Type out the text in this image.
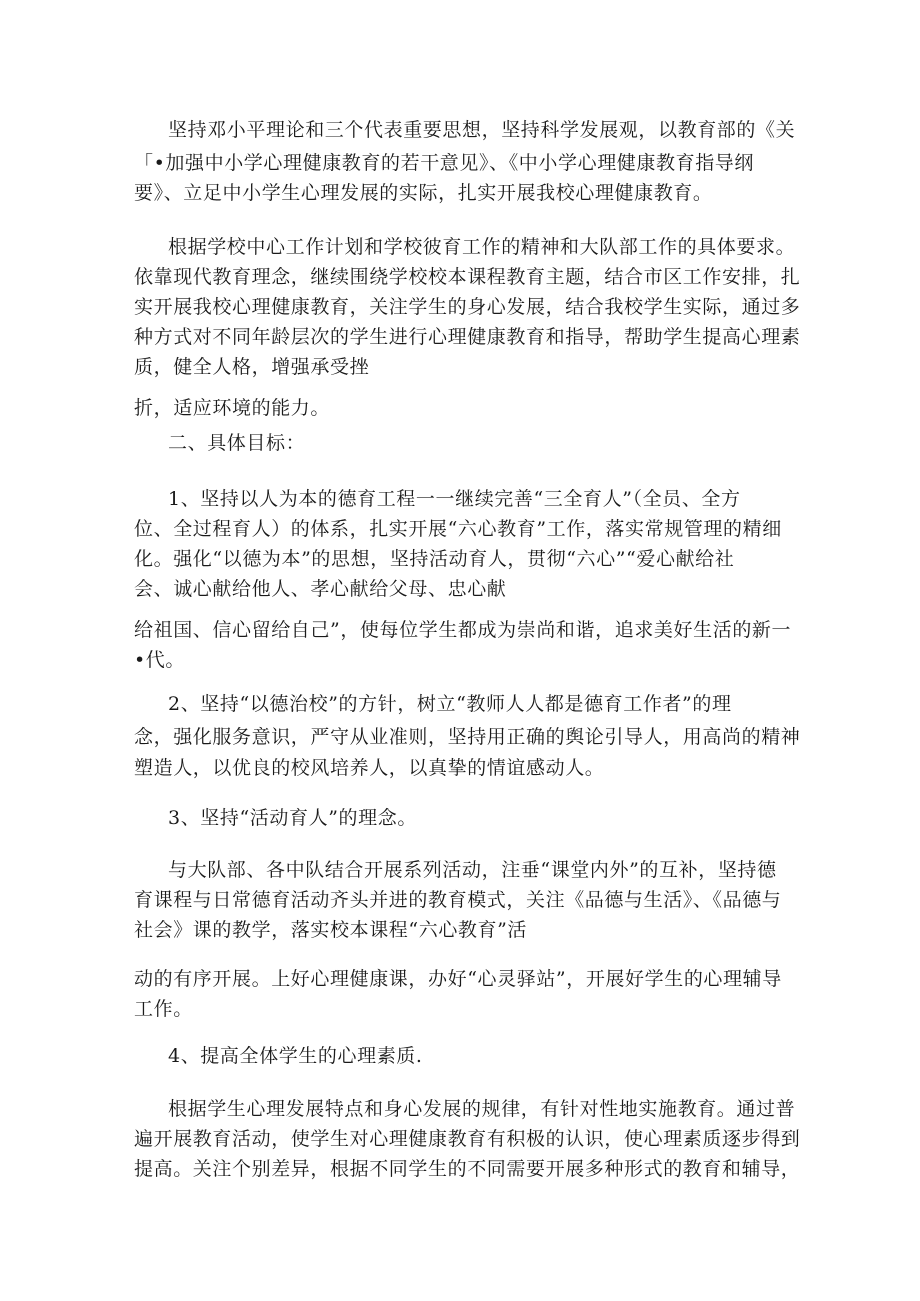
坚持邓小平理论和三个代表重要思想，坚持科学发展观，以教育部的《关
「•加强中小学心理健康教育的若干意见》、《中小学心理健康教育指导纲
要》、立足中小学生心理发展的实际，扎实开展我校心理健康教育。
根据学校中心工作计划和学校彼育工作的精神和大队部工作的具体要求。
依靠现代教育理念，继续围绕学校校本课程教育主题，结合市区工作安排，扎
实开展我校心理健康教育，关注学生的身心发展，结合我校学生实际，通过多
种方式对不同年龄层次的学生进行心理健康教育和指导，帮助学生提高心理素
质，健全人格，增强承受挫
折，适应环境的能力。
二、具体目标：
1、坚持以人为本的德育工程一一继续完善“三全育人”（全员、全方
位、全过程育人）的体系，扎实开展“六心教育”工作，落实常规管理的精细
化。强化“以德为本”的思想，坚持活动育人，贯彻“六心”“爱心献给社
会、诚心献给他人、孝心献给父母、忠心献
给祖国、信心留给自己”，使每位学生都成为崇尚和谐，追求美好生活的新一
•代。
2、坚持“以德治校”的方针，树立“教师人人都是德育工作者”的理
念，强化服务意识，严守从业准则，坚持用正确的舆论引导人，用高尚的精神
塑造人，以优良的校风培养人，以真挚的情谊感动人。
3、坚持“活动育人”的理念。
与大队部、各中队结合开展系列活动，注垂“课堂内外”的互补，坚持德
育课程与日常德育活动齐头并进的教育模式，关注《品德与生活》、《品德与
社会》课的教学，落实校本课程“六心教育”活
动的有序开展。上好心理健康课，办好“心灵驿站”，开展好学生的心理辅导
工作。
4、提高全体学生的心理素质.
根据学生心理发展特点和身心发展的规律，有针对性地实施教育。通过普
遍开展教育活动，使学生对心理健康教育有积极的认识，使心理素质逐步得到
提高。关注个别差异，根据不同学生的不同需要开展多种形式的教育和辅导，
